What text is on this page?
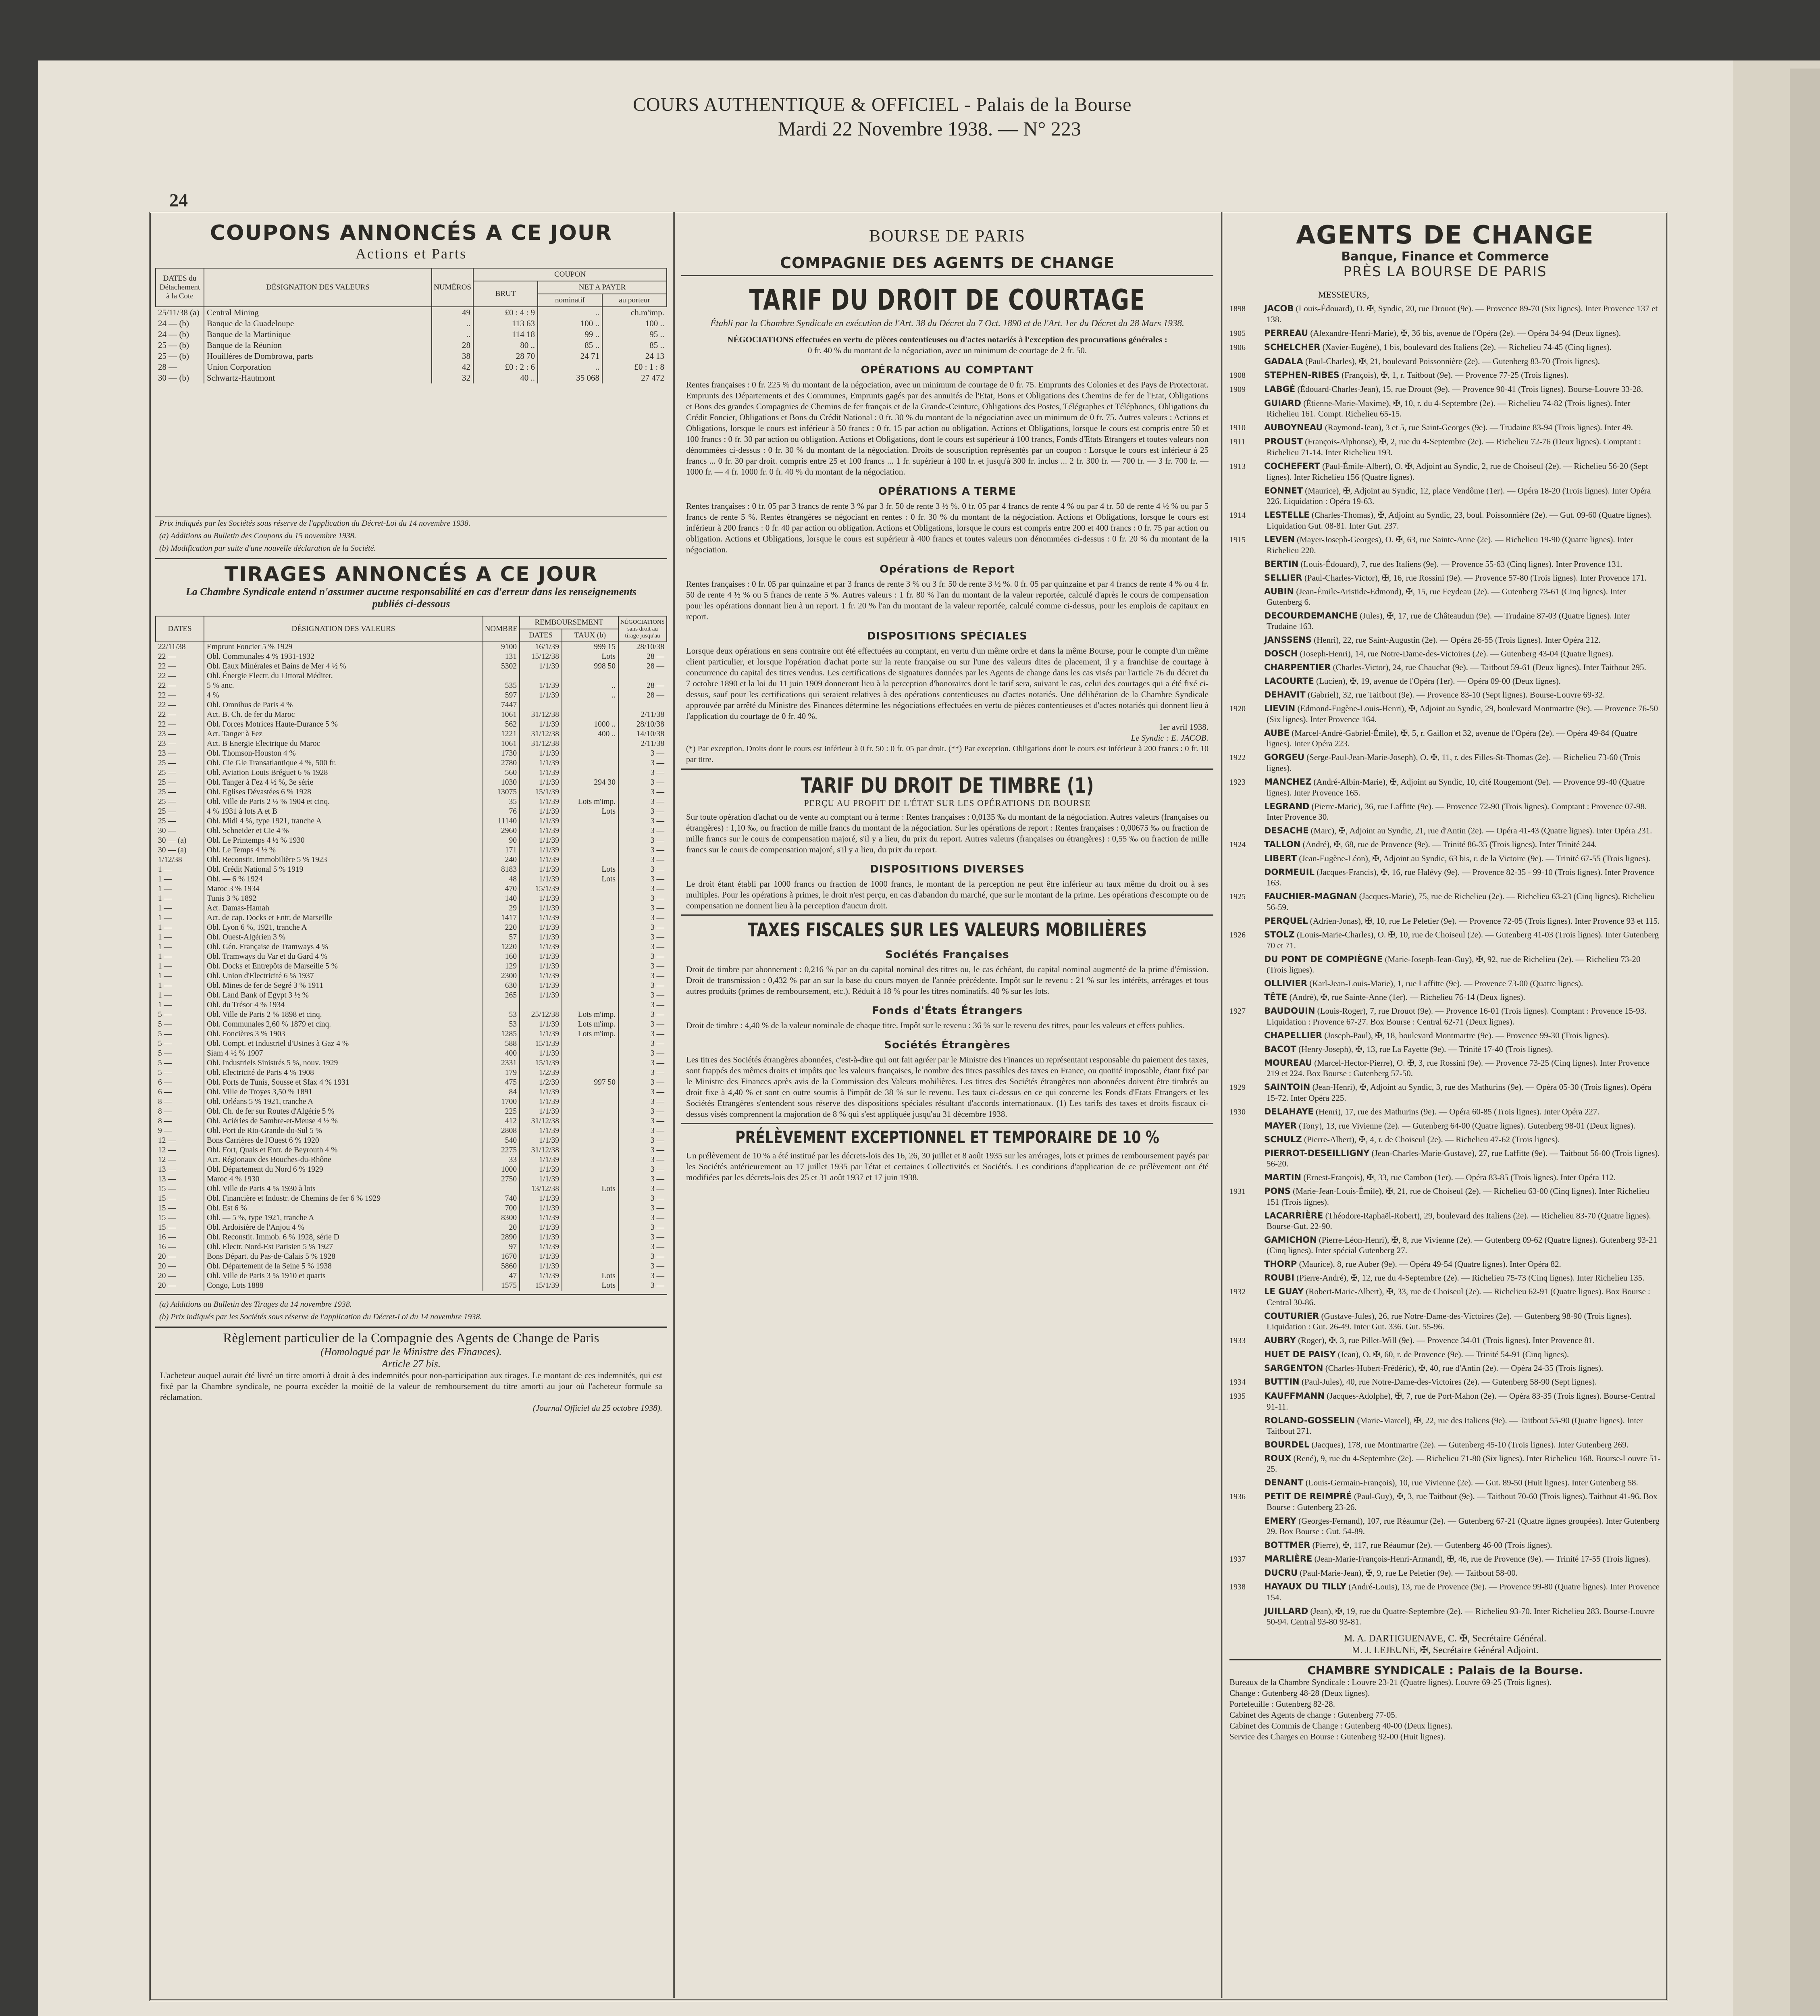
COURS AUTHENTIQUE & OFFICIEL - Palais de la Bourse
Mardi 22 Novembre 1938. — N° 223
24
COUPONS ANNONCÉS A CE JOUR
Actions et Parts
DATES du Détachement à la Cote	DÉSIGNATION DES VALEURS	NUMÉROS	COUPON		
			BRUT	NET A PAYER	
				nominatif	au porteur
25/11/38 (a)	Central Mining	49	£0 : 4 : 9	..	ch.m'imp.
24 — (b)	Banque de la Guadeloupe	..	113 63	100 ..	100 ..
24 — (b)	Banque de la Martinique	..	114 18	99 ..	95 ..
25 — (b)	Banque de la Réunion	28	80 ..	85 ..	85 ..
25 — (b)	Houillères de Dombrowa, parts	38	28 70	24 71	24 13
28 —	Union Corporation	42	£0 : 2 : 6	..	£0 : 1 : 8
30 — (b)	Schwartz-Hautmont	32	40 ..	35 068	27 472
Prix indiqués par les Sociétés sous réserve de l'application du Décret-Loi du 14 novembre 1938.
(a) Additions au Bulletin des Coupons du 15 novembre 1938.
(b) Modification par suite d'une nouvelle déclaration de la Société.
TIRAGES ANNONCÉS A CE JOUR
La Chambre Syndicale entend n'assumer aucune responsabilité en cas d'erreur dans les renseignements publiés ci-dessous
DATES	DÉSIGNATION DES VALEURS	NOMBRE	REMBOURSEMENT		NÉGOCIATIONS sans droit au tirage jusqu'au
			DATES	TAUX (b)	
22/11/38	Emprunt Foncier 5 % 1929	9100	16/1/39	999 15	28/10/38
22 —	Obl. Communales 4 % 1931-1932	131	15/12/38	Lots	28 —
22 —	Obl. Eaux Minérales et Bains de Mer 4 ½ %	5302	1/1/39	998 50	28 —
22 —	Obl. Énergie Electr. du Littoral Méditer.				
22 —	5 % anc.	535	1/1/39	..	28 —
22 —	4 %	597	1/1/39	..	28 —
22 —	Obl. Omnibus de Paris 4 %	7447			
22 —	Act. B. Ch. de fer du Maroc	1061	31/12/38		2/11/38
22 —	Obl. Forces Motrices Haute-Durance 5 %	562	1/1/39	1000 ..	28/10/38
23 —	Act. Tanger à Fez	1221	31/12/38	400 ..	14/10/38
23 —	Act. B Energie Electrique du Maroc	1061	31/12/38		2/11/38
23 —	Obl. Thomson-Houston 4 %	1730	1/1/39		3 —
25 —	Obl. Cie Gle Transatlantique 4 %, 500 fr.	2780	1/1/39		3 —
25 —	Obl. Aviation Louis Bréguet 6 % 1928	560	1/1/39		3 —
25 —	Obl. Tanger à Fez 4 ½ %, 3e série	1030	1/1/39	294 30	3 —
25 —	Obl. Eglises Dévastées 6 % 1928	13075	15/1/39		3 —
25 —	Obl. Ville de Paris 2 ½ % 1904 et cinq.	35	1/1/39	Lots m'imp.	3 —
25 —	4 % 1931 à lots A et B	76	1/1/39	Lots	3 —
25 —	Obl. Midi 4 %, type 1921, tranche A	11140	1/1/39		3 —
30 —	Obl. Schneider et Cie 4 %	2960	1/1/39		3 —
30 — (a)	Obl. Le Printemps 4 ½ % 1930	90	1/1/39		3 —
30 — (a)	Obl. Le Temps 4 ½ %	171	1/1/39		3 —
1/12/38	Obl. Reconstit. Immobilière 5 % 1923	240	1/1/39		3 —
1 —	Obl. Crédit National 5 % 1919	8183	1/1/39	Lots	3 —
1 —	Obl. — 6 % 1924	48	1/1/39	Lots	3 —
1 —	Maroc 3 % 1934	470	15/1/39		3 —
1 —	Tunis 3 % 1892	140	1/1/39		3 —
1 —	Act. Damas-Hamah	29	1/1/39		3 —
1 —	Act. de cap. Docks et Entr. de Marseille	1417	1/1/39		3 —
1 —	Obl. Lyon 6 %, 1921, tranche A	220	1/1/39		3 —
1 —	Obl. Ouest-Algérien 3 %	57	1/1/39		3 —
1 —	Obl. Gén. Française de Tramways 4 %	1220	1/1/39		3 —
1 —	Obl. Tramways du Var et du Gard 4 %	160	1/1/39		3 —
1 —	Obl. Docks et Entrepôts de Marseille 5 %	129	1/1/39		3 —
1 —	Obl. Union d'Electricité 6 % 1937	2300	1/1/39		3 —
1 —	Obl. Mines de fer de Segré 3 % 1911	630	1/1/39		3 —
1 —	Obl. Land Bank of Egypt 3 ½ %	265	1/1/39		3 —
1 —	Obl. du Trésor 4 % 1934				3 —
5 —	Obl. Ville de Paris 2 % 1898 et cinq.	53	25/12/38	Lots m'imp.	3 —
5 —	Obl. Communales 2,60 % 1879 et cinq.	53	1/1/39	Lots m'imp.	3 —
5 —	Obl. Foncières 3 % 1903	1285	1/1/39	Lots m'imp.	3 —
5 —	Obl. Compt. et Industriel d'Usines à Gaz 4 %	588	15/1/39		3 —
5 —	Siam 4 ½ % 1907	400	1/1/39		3 —
5 —	Obl. Industriels Sinistrés 5 %, nouv. 1929	2331	15/1/39		3 —
5 —	Obl. Electricité de Paris 4 % 1908	179	1/2/39		3 —
6 —	Obl. Ports de Tunis, Sousse et Sfax 4 % 1931	475	1/2/39	997 50	3 —
6 —	Obl. Ville de Troyes 3,50 % 1891	84	1/1/39		3 —
8 —	Obl. Orléans 5 % 1921, tranche A	1700	1/1/39		3 —
8 —	Obl. Ch. de fer sur Routes d'Algérie 5 %	225	1/1/39		3 —
8 —	Obl. Aciéries de Sambre-et-Meuse 4 ½ %	412	31/12/38		3 —
9 —	Obl. Port de Rio-Grande-do-Sul 5 %	2808	1/1/39		3 —
12 —	Bons Carrières de l'Ouest 6 % 1920	540	1/1/39		3 —
12 —	Obl. Fort, Quais et Entr. de Beyrouth 4 %	2275	31/12/38		3 —
12 —	Act. Régionaux des Bouches-du-Rhône	33	1/1/39		3 —
13 —	Obl. Département du Nord 6 % 1929	1000	1/1/39		3 —
13 —	Maroc 4 % 1930	2750	1/1/39		3 —
15 —	Obl. Ville de Paris 4 % 1930 à lots		13/12/38	Lots	3 —
15 —	Obl. Financière et Industr. de Chemins de fer 6 % 1929	740	1/1/39		3 —
15 —	Obl. Est 6 %	700	1/1/39		3 —
15 —	Obl. — 5 %, type 1921, tranche A	8300	1/1/39		3 —
15 —	Obl. Ardoisière de l'Anjou 4 %	20	1/1/39		3 —
16 —	Obl. Reconstit. Immob. 6 % 1928, série D	2890	1/1/39		3 —
16 —	Obl. Electr. Nord-Est Parisien 5 % 1927	97	1/1/39		3 —
20 —	Bons Départ. du Pas-de-Calais 5 % 1928	1670	1/1/39		3 —
20 —	Obl. Département de la Seine 5 % 1938	5860	1/1/39		3 —
20 —	Obl. Ville de Paris 3 % 1910 et quarts	47	1/1/39	Lots	3 —
20 —	Congo, Lots 1888	1575	15/1/39	Lots	3 —
(a) Additions au Bulletin des Tirages du 14 novembre 1938.
(b) Prix indiqués par les Sociétés sous réserve de l'application du Décret-Loi du 14 novembre 1938.
Règlement particulier de la Compagnie des Agents de Change de Paris
(Homologué par le Ministre des Finances).
Article 27 bis.
L'acheteur auquel aurait été livré un titre amorti à droit à des indemnités pour non-participation aux tirages. Le montant de ces indemnités, qui est fixé par la Chambre syndicale, ne pourra excéder la moitié de la valeur de remboursement du titre amorti au jour où l'acheteur formule sa réclamation.
(Journal Officiel du 25 octobre 1938).
BOURSE DE PARIS
COMPAGNIE DES AGENTS DE CHANGE
TARIF DU DROIT DE COURTAGE
Établi par la Chambre Syndicale en exécution de l'Art. 38 du Décret du 7 Oct. 1890 et de l'Art. 1er du Décret du 28 Mars 1938.
NÉGOCIATIONS effectuées en vertu de pièces contentieuses ou d'actes notariés à l'exception des procurations générales :
0 fr. 40 % du montant de la négociation, avec un minimum de courtage de 2 fr. 50.
OPÉRATIONS AU COMPTANT
Rentes françaises : 0 fr. 225 % du montant de la négociation, avec un minimum de courtage de 0 fr. 75. Emprunts des Colonies et des Pays de Protectorat. Emprunts des Départements et des Communes, Emprunts gagés par des annuités de l'Etat, Bons et Obligations des Chemins de fer de l'Etat, Obligations et Bons des grandes Compagnies de Chemins de fer français et de la Grande-Ceinture, Obligations des Postes, Télégraphes et Téléphones, Obligations du Crédit Foncier, Obligations et Bons du Crédit National : 0 fr. 30 % du montant de la négociation avec un minimum de 0 fr. 75. Autres valeurs : Actions et Obligations, lorsque le cours est inférieur à 50 francs : 0 fr. 15 par action ou obligation. Actions et Obligations, lorsque le cours est compris entre 50 et 100 francs : 0 fr. 30 par action ou obligation. Actions et Obligations, dont le cours est supérieur à 100 francs, Fonds d'Etats Etrangers et toutes valeurs non dénommées ci-dessus : 0 fr. 30 % du montant de la négociation. Droits de souscription représentés par un coupon : Lorsque le cours est inférieur à 25 francs ... 0 fr. 30 par droit. compris entre 25 et 100 francs ... 1 fr. supérieur à 100 fr. et jusqu'à 300 fr. inclus ... 2 fr. 300 fr. — 700 fr. — 3 fr. 700 fr. — 1000 fr. — 4 fr. 1000 fr. 0 fr. 40 % du montant de la négociation.
OPÉRATIONS A TERME
Rentes françaises : 0 fr. 05 par 3 francs de rente 3 % par 3 fr. 50 de rente 3 ½ %. 0 fr. 05 par 4 francs de rente 4 % ou par 4 fr. 50 de rente 4 ½ % ou par 5 francs de rente 5 %. Rentes étrangères se négociant en rentes : 0 fr. 30 % du montant de la négociation. Actions et Obligations, lorsque le cours est inférieur à 200 francs : 0 fr. 40 par action ou obligation. Actions et Obligations, lorsque le cours est compris entre 200 et 400 francs : 0 fr. 75 par action ou obligation. Actions et Obligations, lorsque le cours est supérieur à 400 francs et toutes valeurs non dénommées ci-dessus : 0 fr. 20 % du montant de la négociation.
Opérations de Report
Rentes françaises : 0 fr. 05 par quinzaine et par 3 francs de rente 3 % ou 3 fr. 50 de rente 3 ½ %. 0 fr. 05 par quinzaine et par 4 francs de rente 4 % ou 4 fr. 50 de rente 4 ½ % ou 5 francs de rente 5 %. Autres valeurs : 1 fr. 80 % l'an du montant de la valeur reportée, calculé d'après le cours de compensation pour les opérations donnant lieu à un report. 1 fr. 20 % l'an du montant de la valeur reportée, calculé comme ci-dessus, pour les emplois de capitaux en report.
DISPOSITIONS SPÉCIALES
Lorsque deux opérations en sens contraire ont été effectuées au comptant, en vertu d'un même ordre et dans la même Bourse, pour le compte d'un même client particulier, et lorsque l'opération d'achat porte sur la rente française ou sur l'une des valeurs dites de placement, il y a franchise de courtage à concurrence du capital des titres vendus. Les certifications de signatures données par les Agents de change dans les cas visés par l'article 76 du décret du 7 octobre 1890 et la loi du 11 juin 1909 donneront lieu à la perception d'honoraires dont le tarif sera, suivant le cas, celui des courtages qui a été fixé ci-dessus, sauf pour les certifications qui seraient relatives à des opérations contentieuses ou d'actes notariés. Une délibération de la Chambre Syndicale approuvée par arrêté du Ministre des Finances détermine les négociations effectuées en vertu de pièces contentieuses et d'actes notariés qui donnent lieu à l'application du courtage de 0 fr. 40 %.
1er avril 1938.
Le Syndic : E. JACOB.
(*) Par exception. Droits dont le cours est inférieur à 0 fr. 50 : 0 fr. 05 par droit. (**) Par exception. Obligations dont le cours est inférieur à 200 francs : 0 fr. 10 par titre.
TARIF DU DROIT DE TIMBRE (1)
PERÇU AU PROFIT DE L'ÉTAT SUR LES OPÉRATIONS DE BOURSE
Sur toute opération d'achat ou de vente au comptant ou à terme : Rentes françaises : 0,0135 ‰ du montant de la négociation. Autres valeurs (françaises ou étrangères) : 1,10 ‰, ou fraction de mille francs du montant de la négociation. Sur les opérations de report : Rentes françaises : 0,00675 ‰ ou fraction de mille francs sur le cours de compensation majoré, s'il y a lieu, du prix du report. Autres valeurs (françaises ou étrangères) : 0,55 ‰ ou fraction de mille francs sur le cours de compensation majoré, s'il y a lieu, du prix du report.
DISPOSITIONS DIVERSES
Le droit étant établi par 1000 francs ou fraction de 1000 francs, le montant de la perception ne peut être inférieur au taux même du droit ou à ses multiples. Pour les opérations à primes, le droit n'est perçu, en cas d'abandon du marché, que sur le montant de la prime. Les opérations d'escompte ou de compensation ne donnent lieu à la perception d'aucun droit.
TAXES FISCALES SUR LES VALEURS MOBILIÈRES
Sociétés Françaises
Droit de timbre par abonnement : 0,216 % par an du capital nominal des titres ou, le cas échéant, du capital nominal augmenté de la prime d'émission. Droit de transmission : 0,432 % par an sur la base du cours moyen de l'année précédente. Impôt sur le revenu : 21 % sur les intérêts, arrérages et tous autres produits (primes de remboursement, etc.). Réduit à 18 % pour les titres nominatifs. 40 % sur les lots.
Fonds d'États Étrangers
Droit de timbre : 4,40 % de la valeur nominale de chaque titre. Impôt sur le revenu : 36 % sur le revenu des titres, pour les valeurs et effets publics.
Sociétés Étrangères
Les titres des Sociétés étrangères abonnées, c'est-à-dire qui ont fait agréer par le Ministre des Finances un représentant responsable du paiement des taxes, sont frappés des mêmes droits et impôts que les valeurs françaises, le nombre des titres passibles des taxes en France, ou quotité imposable, étant fixé par le Ministre des Finances après avis de la Commission des Valeurs mobilières. Les titres des Sociétés étrangères non abonnées doivent être timbrés au droit fixe à 4,40 % et sont en outre soumis à l'impôt de 38 % sur le revenu. Les taux ci-dessus en ce qui concerne les Fonds d'Etats Etrangers et les Sociétés Etrangères s'entendent sous réserve des dispositions spéciales résultant d'accords internationaux. (1) Les tarifs des taxes et droits fiscaux ci-dessus visés comprennent la majoration de 8 % qui s'est appliquée jusqu'au 31 décembre 1938.
PRÉLÈVEMENT EXCEPTIONNEL ET TEMPORAIRE DE 10 %
Un prélèvement de 10 % a été institué par les décrets-lois des 16, 26, 30 juillet et 8 août 1935 sur les arrérages, lots et primes de remboursement payés par les Sociétés antérieurement au 17 juillet 1935 par l'état et certaines Collectivités et Sociétés. Les conditions d'application de ce prélèvement ont été modifiées par les décrets-lois des 25 et 31 août 1937 et 17 juin 1938.
AGENTS DE CHANGE
Banque, Finance et Commerce
PRÈS LA BOURSE DE PARIS
MESSIEURS,
1898 JACOB (Louis-Édouard), O. ✠, Syndic, 20, rue Drouot (9e). — Provence 89-70 (Six lignes). Inter Provence 137 et 138.
1905 PERREAU (Alexandre-Henri-Marie), ✠, 36 bis, avenue de l'Opéra (2e). — Opéra 34-94 (Deux lignes).
1906 SCHELCHER (Xavier-Eugène), 1 bis, boulevard des Italiens (2e). — Richelieu 74-45 (Cinq lignes).
GADALA (Paul-Charles), ✠, 21, boulevard Poissonnière (2e). — Gutenberg 83-70 (Trois lignes).
1908 STEPHEN-RIBES (François), ✠, 1, r. Taitbout (9e). — Provence 77-25 (Trois lignes).
1909 LABGÉ (Édouard-Charles-Jean), 15, rue Drouot (9e). — Provence 90-41 (Trois lignes). Bourse-Louvre 33-28.
GUIARD (Étienne-Marie-Maxime), ✠, 10, r. du 4-Septembre (2e). — Richelieu 74-82 (Trois lignes). Inter Richelieu 161. Compt. Richelieu 65-15.
1910 AUBOYNEAU (Raymond-Jean), 3 et 5, rue Saint-Georges (9e). — Trudaine 83-94 (Trois lignes). Inter 49.
1911 PROUST (François-Alphonse), ✠, 2, rue du 4-Septembre (2e). — Richelieu 72-76 (Deux lignes). Comptant : Richelieu 71-14. Inter Richelieu 193.
1913 COCHEFERT (Paul-Émile-Albert), O. ✠, Adjoint au Syndic, 2, rue de Choiseul (2e). — Richelieu 56-20 (Sept lignes). Inter Richelieu 156 (Quatre lignes).
EONNET (Maurice), ✠, Adjoint au Syndic, 12, place Vendôme (1er). — Opéra 18-20 (Trois lignes). Inter Opéra 226. Liquidation : Opéra 19-63.
1914 LESTELLE (Charles-Thomas), ✠, Adjoint au Syndic, 23, boul. Poissonnière (2e). — Gut. 09-60 (Quatre lignes). Liquidation Gut. 08-81. Inter Gut. 237.
1915 LEVEN (Mayer-Joseph-Georges), O. ✠, 63, rue Sainte-Anne (2e). — Richelieu 19-90 (Quatre lignes). Inter Richelieu 220.
BERTIN (Louis-Édouard), 7, rue des Italiens (9e). — Provence 55-63 (Cinq lignes). Inter Provence 131.
SELLIER (Paul-Charles-Victor), ✠, 16, rue Rossini (9e). — Provence 57-80 (Trois lignes). Inter Provence 171.
AUBIN (Jean-Émile-Aristide-Edmond), ✠, 15, rue Feydeau (2e). — Gutenberg 73-61 (Cinq lignes). Inter Gutenberg 6.
DECOURDEMANCHE (Jules), ✠, 17, rue de Châteaudun (9e). — Trudaine 87-03 (Quatre lignes). Inter Trudaine 163.
JANSSENS (Henri), 22, rue Saint-Augustin (2e). — Opéra 26-55 (Trois lignes). Inter Opéra 212.
DOSCH (Joseph-Henri), 14, rue Notre-Dame-des-Victoires (2e). — Gutenberg 43-04 (Quatre lignes).
CHARPENTIER (Charles-Victor), 24, rue Chauchat (9e). — Taitbout 59-61 (Deux lignes). Inter Taitbout 295.
LACOURTE (Lucien), ✠, 19, avenue de l'Opéra (1er). — Opéra 09-00 (Deux lignes).
DEHAVIT (Gabriel), 32, rue Taitbout (9e). — Provence 83-10 (Sept lignes). Bourse-Louvre 69-32.
1920 LIEVIN (Edmond-Eugène-Louis-Henri), ✠, Adjoint au Syndic, 29, boulevard Montmartre (9e). — Provence 76-50 (Six lignes). Inter Provence 164.
AUBE (Marcel-André-Gabriel-Émile), ✠, 5, r. Gaillon et 32, avenue de l'Opéra (2e). — Opéra 49-84 (Quatre lignes). Inter Opéra 223.
1922 GORGEU (Serge-Paul-Jean-Marie-Joseph), O. ✠, 11, r. des Filles-St-Thomas (2e). — Richelieu 73-60 (Trois lignes).
1923 MANCHEZ (André-Albin-Marie), ✠, Adjoint au Syndic, 10, cité Rougemont (9e). — Provence 99-40 (Quatre lignes). Inter Provence 165.
LEGRAND (Pierre-Marie), 36, rue Laffitte (9e). — Provence 72-90 (Trois lignes). Comptant : Provence 07-98. Inter Provence 30.
DESACHE (Marc), ✠, Adjoint au Syndic, 21, rue d'Antin (2e). — Opéra 41-43 (Quatre lignes). Inter Opéra 231.
1924 TALLON (André), ✠, 68, rue de Provence (9e). — Trinité 86-35 (Trois lignes). Inter Trinité 244.
LIBERT (Jean-Eugène-Léon), ✠, Adjoint au Syndic, 63 bis, r. de la Victoire (9e). — Trinité 67-55 (Trois lignes).
DORMEUIL (Jacques-Francis), ✠, 16, rue Halévy (9e). — Provence 82-35 - 99-10 (Trois lignes). Inter Provence 163.
1925 FAUCHIER-MAGNAN (Jacques-Marie), 75, rue de Richelieu (2e). — Richelieu 63-23 (Cinq lignes). Richelieu 56-59.
PERQUEL (Adrien-Jonas), ✠, 10, rue Le Peletier (9e). — Provence 72-05 (Trois lignes). Inter Provence 93 et 115.
1926 STOLZ (Louis-Marie-Charles), O. ✠, 10, rue de Choiseul (2e). — Gutenberg 41-03 (Trois lignes). Inter Gutenberg 70 et 71.
DU PONT DE COMPIÈGNE (Marie-Joseph-Jean-Guy), ✠, 92, rue de Richelieu (2e). — Richelieu 73-20 (Trois lignes).
OLLIVIER (Karl-Jean-Louis-Marie), 1, rue Laffitte (9e). — Provence 73-00 (Quatre lignes).
TÊTE (André), ✠, rue Sainte-Anne (1er). — Richelieu 76-14 (Deux lignes).
1927 BAUDOUIN (Louis-Roger), 7, rue Drouot (9e). — Provence 16-01 (Trois lignes). Comptant : Provence 15-93. Liquidation : Provence 67-27. Box Bourse : Central 62-71 (Deux lignes).
CHAPELLIER (Joseph-Paul), ✠, 18, boulevard Montmartre (9e). — Provence 99-30 (Trois lignes).
BACOT (Henry-Joseph), ✠, 13, rue La Fayette (9e). — Trinité 17-40 (Trois lignes).
MOUREAU (Marcel-Hector-Pierre), O. ✠, 3, rue Rossini (9e). — Provence 73-25 (Cinq lignes). Inter Provence 219 et 224. Box Bourse : Gutenberg 57-50.
1929 SAINTOIN (Jean-Henri), ✠, Adjoint au Syndic, 3, rue des Mathurins (9e). — Opéra 05-30 (Trois lignes). Opéra 15-72. Inter Opéra 225.
1930 DELAHAYE (Henri), 17, rue des Mathurins (9e). — Opéra 60-85 (Trois lignes). Inter Opéra 227.
MAYER (Tony), 13, rue Vivienne (2e). — Gutenberg 64-00 (Quatre lignes). Gutenberg 98-01 (Deux lignes).
SCHULZ (Pierre-Albert), ✠, 4, r. de Choiseul (2e). — Richelieu 47-62 (Trois lignes).
PIERROT-DESEILLIGNY (Jean-Charles-Marie-Gustave), 27, rue Laffitte (9e). — Taitbout 56-00 (Trois lignes). 56-20.
MARTIN (Ernest-François), ✠, 33, rue Cambon (1er). — Opéra 83-85 (Trois lignes). Inter Opéra 112.
1931 PONS (Marie-Jean-Louis-Émile), ✠, 21, rue de Choiseul (2e). — Richelieu 63-00 (Cinq lignes). Inter Richelieu 151 (Trois lignes).
LACARRIÈRE (Théodore-Raphaël-Robert), 29, boulevard des Italiens (2e). — Richelieu 83-70 (Quatre lignes). Bourse-Gut. 22-90.
GAMICHON (Pierre-Léon-Henri), ✠, 8, rue Vivienne (2e). — Gutenberg 09-62 (Quatre lignes). Gutenberg 93-21 (Cinq lignes). Inter spécial Gutenberg 27.
THORP (Maurice), 8, rue Auber (9e). — Opéra 49-54 (Quatre lignes). Inter Opéra 82.
ROUBI (Pierre-André), ✠, 12, rue du 4-Septembre (2e). — Richelieu 75-73 (Cinq lignes). Inter Richelieu 135.
1932 LE GUAY (Robert-Marie-Albert), ✠, 33, rue de Choiseul (2e). — Richelieu 62-91 (Quatre lignes). Box Bourse : Central 30-86.
COUTURIER (Gustave-Jules), 26, rue Notre-Dame-des-Victoires (2e). — Gutenberg 98-90 (Trois lignes). Liquidation : Gut. 26-49. Inter Gut. 336. Gut. 55-96.
1933 AUBRY (Roger), ✠, 3, rue Pillet-Will (9e). — Provence 34-01 (Trois lignes). Inter Provence 81.
HUET DE PAISY (Jean), O. ✠, 60, r. de Provence (9e). — Trinité 54-91 (Cinq lignes).
SARGENTON (Charles-Hubert-Frédéric), ✠, 40, rue d'Antin (2e). — Opéra 24-35 (Trois lignes).
1934 BUTTIN (Paul-Jules), 40, rue Notre-Dame-des-Victoires (2e). — Gutenberg 58-90 (Sept lignes).
1935 KAUFFMANN (Jacques-Adolphe), ✠, 7, rue de Port-Mahon (2e). — Opéra 83-35 (Trois lignes). Bourse-Central 91-11.
ROLAND-GOSSELIN (Marie-Marcel), ✠, 22, rue des Italiens (9e). — Taitbout 55-90 (Quatre lignes). Inter Taitbout 271.
BOURDEL (Jacques), 178, rue Montmartre (2e). — Gutenberg 45-10 (Trois lignes). Inter Gutenberg 269.
ROUX (René), 9, rue du 4-Septembre (2e). — Richelieu 71-80 (Six lignes). Inter Richelieu 168. Bourse-Louvre 51-25.
DENANT (Louis-Germain-François), 10, rue Vivienne (2e). — Gut. 89-50 (Huit lignes). Inter Gutenberg 58.
1936 PETIT DE REIMPRÉ (Paul-Guy), ✠, 3, rue Taitbout (9e). — Taitbout 70-60 (Trois lignes). Taitbout 41-96. Box Bourse : Gutenberg 23-26.
EMERY (Georges-Fernand), 107, rue Réaumur (2e). — Gutenberg 67-21 (Quatre lignes groupées). Inter Gutenberg 29. Box Bourse : Gut. 54-89.
BOTTMER (Pierre), ✠, 117, rue Réaumur (2e). — Gutenberg 46-00 (Trois lignes).
1937 MARLIÈRE (Jean-Marie-François-Henri-Armand), ✠, 46, rue de Provence (9e). — Trinité 17-55 (Trois lignes).
DUCRU (Paul-Marie-Jean), ✠, 9, rue Le Peletier (9e). — Taitbout 58-00.
1938 HAYAUX DU TILLY (André-Louis), 13, rue de Provence (9e). — Provence 99-80 (Quatre lignes). Inter Provence 154.
JUILLARD (Jean), ✠, 19, rue du Quatre-Septembre (2e). — Richelieu 93-70. Inter Richelieu 283. Bourse-Louvre 50-94. Central 93-80 93-81.
M. A. DARTIGUENAVE, C. ✠, Secrétaire Général.
M. J. LEJEUNE, ✠, Secrétaire Général Adjoint.
CHAMBRE SYNDICALE : Palais de la Bourse.
Bureaux de la Chambre Syndicale : Louvre 23-21 (Quatre lignes). Louvre 69-25 (Trois lignes).
Change : Gutenberg 48-28 (Deux lignes).
Portefeuille : Gutenberg 82-28.
Cabinet des Agents de change : Gutenberg 77-05.
Cabinet des Commis de Change : Gutenberg 40-00 (Deux lignes).
Service des Charges en Bourse : Gutenberg 92-00 (Huit lignes).
